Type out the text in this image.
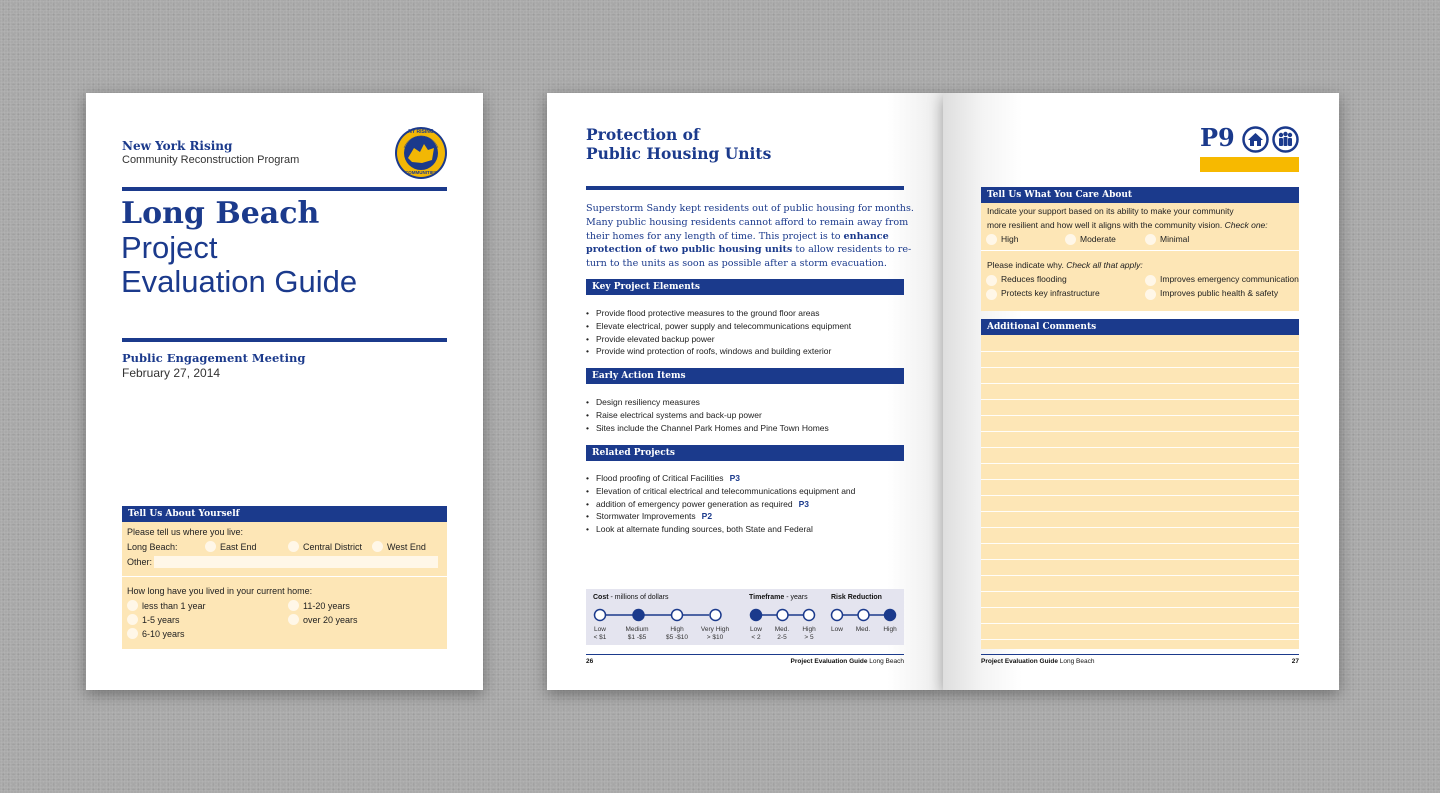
New York Rising
Community Reconstruction Program
NY RISING
COMMUNITIES
Long Beach
Project
Evaluation Guide
Public Engagement Meeting
February 27, 2014
Tell Us About Yourself
Please tell us where you live:
Long Beach:	East End	Central District	West End
Other:
How long have you lived in your current home:
less than 1 year
1-5 years
6-10 years
11-20 years
over 20 years
Protection of
Public Housing Units
Superstorm Sandy kept residents out of public housing for months.
Many public housing residents cannot afford to remain away from
their homes for any length of time. This project is to enhance
protection of two public housing units to allow residents to re-
turn to the units as soon as possible after a storm evacuation.
Key Project Elements
• Provide flood protective measures to the ground floor areas
• Elevate electrical, power supply and telecommunications equipment
• Provide elevated backup power
• Provide wind protection of roofs, windows and building exterior
Early Action Items
• Design resiliency measures
• Raise electrical systems and back-up power
• Sites include the Channel Park Homes and Pine Town Homes
Related Projects
• Flood proofing of Critical Facilities P3
• Elevation of critical electrical and telecommunications equipment and
• addition of emergency power generation as required P3
• Stormwater Improvements P2
• Look at alternate funding sources, both State and Federal
Cost - millions of dollars	Timeframe - years	Risk Reduction
Low
< $1
Medium
$1 -$5
High
$5 -$10
Very High
> $10
Low
< 2
Med.
2-5
High
> 5
Low	Med.	High
26	Project Evaluation Guide Long Beach
P9
Tell Us What You Care About
Indicate your support based on its ability to make your community
more resilient and how well it aligns with the community vision. Check one:
High	Moderate	Minimal
Please indicate why. Check all that apply:
Reduces flooding
Protects key infrastructure
Improves emergency communication
Improves public health & safety
Additional Comments
Project Evaluation Guide Long Beach	27
